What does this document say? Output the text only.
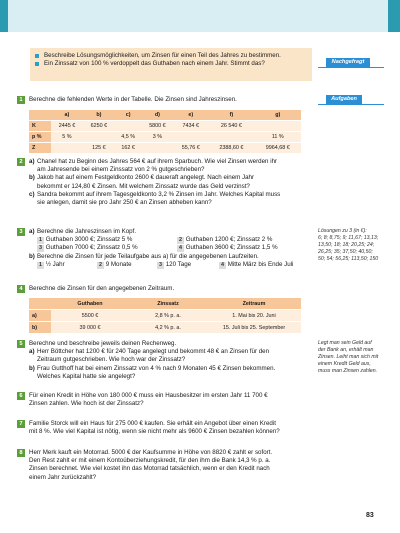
Beschreibe Lösungsmöglichkeiten, um Zinsen für einen Teil des Jahres zu bestimmen.
Ein Zinssatz von 100 % verdoppelt das Guthaben nach einem Jahr. Stimmt das?	Nachgefragt
Aufgaben
1	Berechne die fehlenden Werte in der Tabelle. Die Zinsen sind Jahreszinsen.
	a)	b)	c)	d)	e)	f)	g)
K	2445 €	6250 €		5800 €	7434 €	26 540 €	
p %	5 %		4,5 %	3 %			11 %
Z		125 €	162 €		55,76 €	2388,60 €	9964,68 €
2	a) Chanel hat zu Beginn des Jahres 564 € auf ihrem Sparbuch. Wie viel Zinsen werden ihr
am Jahresende bei einem Zinssatz von 2 % gutgeschrieben?
b) Jakob hat auf einem Festgeldkonto 2600 € daueraft angelegt. Nach einem Jahr
bekommt er 124,80 € Zinsen. Mit welchem Zinssatz wurde das Geld verzinst?
c) Sandra bekommt auf ihrem Tagesgeldkonto 3,2 % Zinsen im Jahr. Welches Kapital muss
sie anlegen, damit sie pro Jahr 250 € an Zinsen abheben kann?
3	a) Berechne die Jahreszinsen im Kopf.
1 Guthaben 3000 €; Zinssatz 5 %	2 Guthaben 1200 €; Zinssatz 2 %
3 Guthaben 7000 €; Zinssatz 0,5 %	4 Guthaben 3600 €; Zinssatz 1,5 %
b) Berechne die Zinsen für jede Teilaufgabe aus a) für die angegebenen Laufzeiten.
1 ½ Jahr	2 9 Monate	3 120 Tage	4 Mitte März bis Ende Juli
4	Berechne die Zinsen für den angegebenen Zeitraum.
	Guthaben	Zinssatz	Zeitraum
a)	5500 €	2,8 % p. a.	1. Mai bis 20. Juni
b)	39 000 €	4,2 % p. a.	15. Juli bis 25. September
5	Berechne und beschreibe jeweils deinen Rechenweg.
a) Herr Böttcher hat 1200 € für 240 Tage angelegt und bekommt 48 € an Zinsen für den
Zeitraum gutgeschrieben. Wie hoch war der Zinssatz?
b) Frau Gutthoff hat bei einem Zinssatz von 4 % nach 9 Monaten 45 € Zinsen bekommen.
Welches Kapital hatte sie angelegt?
6	Für einen Kredit in Höhe von 180 000 € muss ein Hausbesitzer im ersten Jahr 11 700 €
Zinsen zahlen. Wie hoch ist der Zinssatz?
7	Familie Storck will ein Haus für 275 000 € kaufen. Sie erhält ein Angebot über einen Kredit
mit 8 %. Wie viel Kapital ist nötig, wenn sie nicht mehr als 9600 € Zinsen bezahlen können?
8	Herr Merk kauft ein Motorrad. 5000 € der Kaufsumme in Höhe von 8820 € zahlt er sofort.
Den Rest zahlt er mit einem Kontoüberziehungskredit, für den ihm die Bank 14,3 % p. a.
Zinsen berechnet. Wie viel kostet ihn das Motorrad tatsächlich, wenn er den Kredit nach
einem Jahr zurückzahlt?
Lösungen zu 3 (in €):
6; 8; 8,75; 9; 11,67; 13,13;
13,50; 18; 18; 20,25; 24;
26,25; 35; 37,50; 40,50;
50; 54; 56,25; 113,50; 150
Legt man sein Geld auf
der Bank an, erhält man
Zinsen. Leiht man sich mit
einem Kredit Geld aus,
muss man Zinsen zahlen.
83
